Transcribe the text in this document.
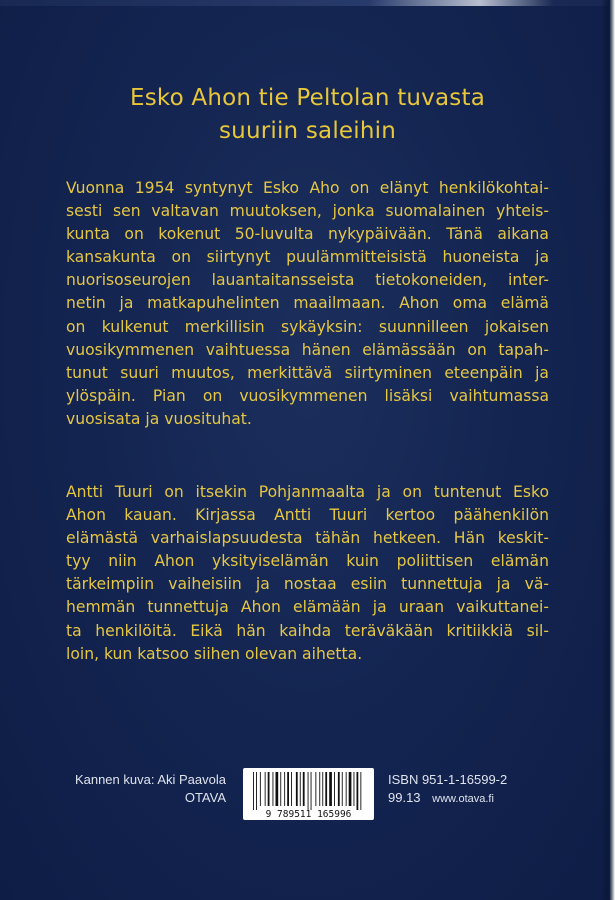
Esko Ahon tie Peltolan tuvasta
suuriin saleihin
Vuonna 1954 syntynyt Esko Aho on elänyt henkilökohtai-
sesti sen valtavan muutoksen, jonka suomalainen yhteis-
kunta on kokenut 50-luvulta nykypäivään. Tänä aikana
kansakunta on siirtynyt puulämmitteisistä huoneista ja
nuorisoseurojen lauantaitansseista tietokoneiden, inter-
netin ja matkapuhelinten maailmaan. Ahon oma elämä
on kulkenut merkillisin sykäyksin: suunnilleen jokaisen
vuosikymmenen vaihtuessa hänen elämässään on tapah-
tunut suuri muutos, merkittävä siirtyminen eteenpäin ja
ylöspäin. Pian on vuosikymmenen lisäksi vaihtumassa
vuosisata ja vuosituhat.
Antti Tuuri on itsekin Pohjanmaalta ja on tuntenut Esko
Ahon kauan. Kirjassa Antti Tuuri kertoo päähenkilön
elämästä varhaislapsuudesta tähän hetkeen. Hän keskit-
tyy niin Ahon yksityiselämän kuin poliittisen elämän
tärkeimpiin vaiheisiin ja nostaa esiin tunnettuja ja vä-
hemmän tunnettuja Ahon elämään ja uraan vaikuttanei-
ta henkilöitä. Eikä hän kaihda teräväkään kritiikkiä sil-
loin, kun katsoo siihen olevan aihetta.
Kannen kuva: Aki Paavola
OTAVA
9 789511 165996
ISBN 951-1-16599-2
99.13 www.otava.fi
